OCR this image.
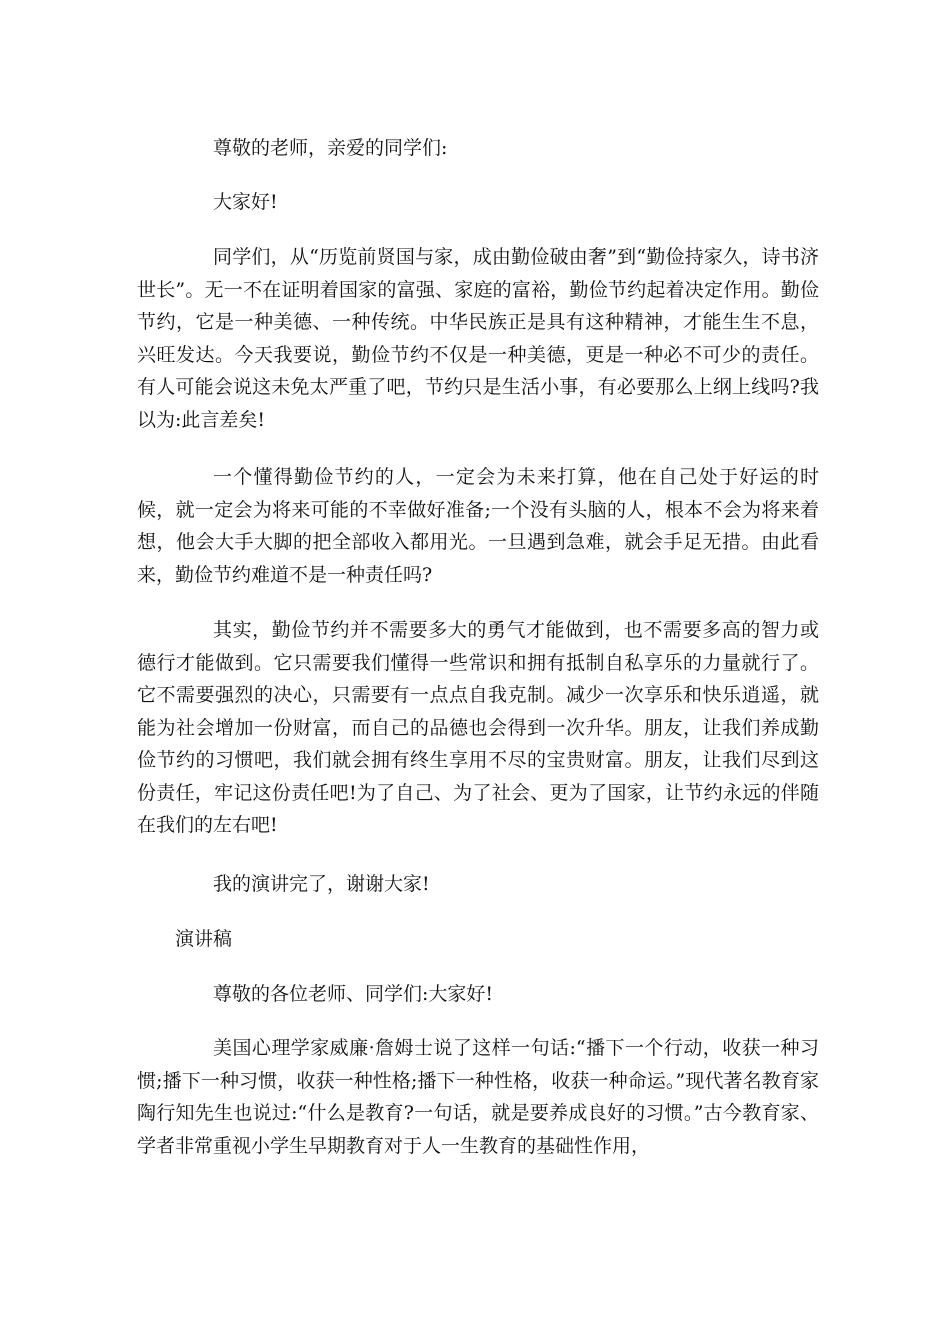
尊敬的老师，亲爱的同学们:

大家好!

同学们，从“历览前贤国与家，成由勤俭破由奢”到“勤俭持家久，诗书济世长”。无一不在证明着国家的富强、家庭的富裕，勤俭节约起着决定作用。勤俭节约，它是一种美德、一种传统。中华民族正是具有这种精神，才能生生不息，兴旺发达。今天我要说，勤俭节约不仅是一种美德，更是一种必不可少的责任。有人可能会说这未免太严重了吧，节约只是生活小事，有必要那么上纲上线吗?我以为:此言差矣!

一个懂得勤俭节约的人，一定会为未来打算，他在自己处于好运的时候，就一定会为将来可能的不幸做好准备;一个没有头脑的人，根本不会为将来着想，他会大手大脚的把全部收入都用光。一旦遇到急难，就会手足无措。由此看来，勤俭节约难道不是一种责任吗?

其实，勤俭节约并不需要多大的勇气才能做到，也不需要多高的智力或德行才能做到。它只需要我们懂得一些常识和拥有抵制自私享乐的力量就行了。它不需要强烈的决心，只需要有一点点自我克制。减少一次享乐和快乐逍遥，就能为社会增加一份财富，而自己的品德也会得到一次升华。朋友，让我们养成勤俭节约的习惯吧，我们就会拥有终生享用不尽的宝贵财富。朋友，让我们尽到这份责任，牢记这份责任吧!为了自己、为了社会、更为了国家，让节约永远的伴随在我们的左右吧!

我的演讲完了，谢谢大家!

演讲稿

尊敬的各位老师、同学们:大家好!

美国心理学家威廉·詹姆士说了这样一句话:“播下一个行动，收获一种习惯;播下一种习惯，收获一种性格;播下一种性格，收获一种命运。”现代著名教育家陶行知先生也说过:“什么是教育?一句话，就是要养成良好的习惯。”古今教育家、学者非常重视小学生早期教育对于人一生教育的基础性作用，
